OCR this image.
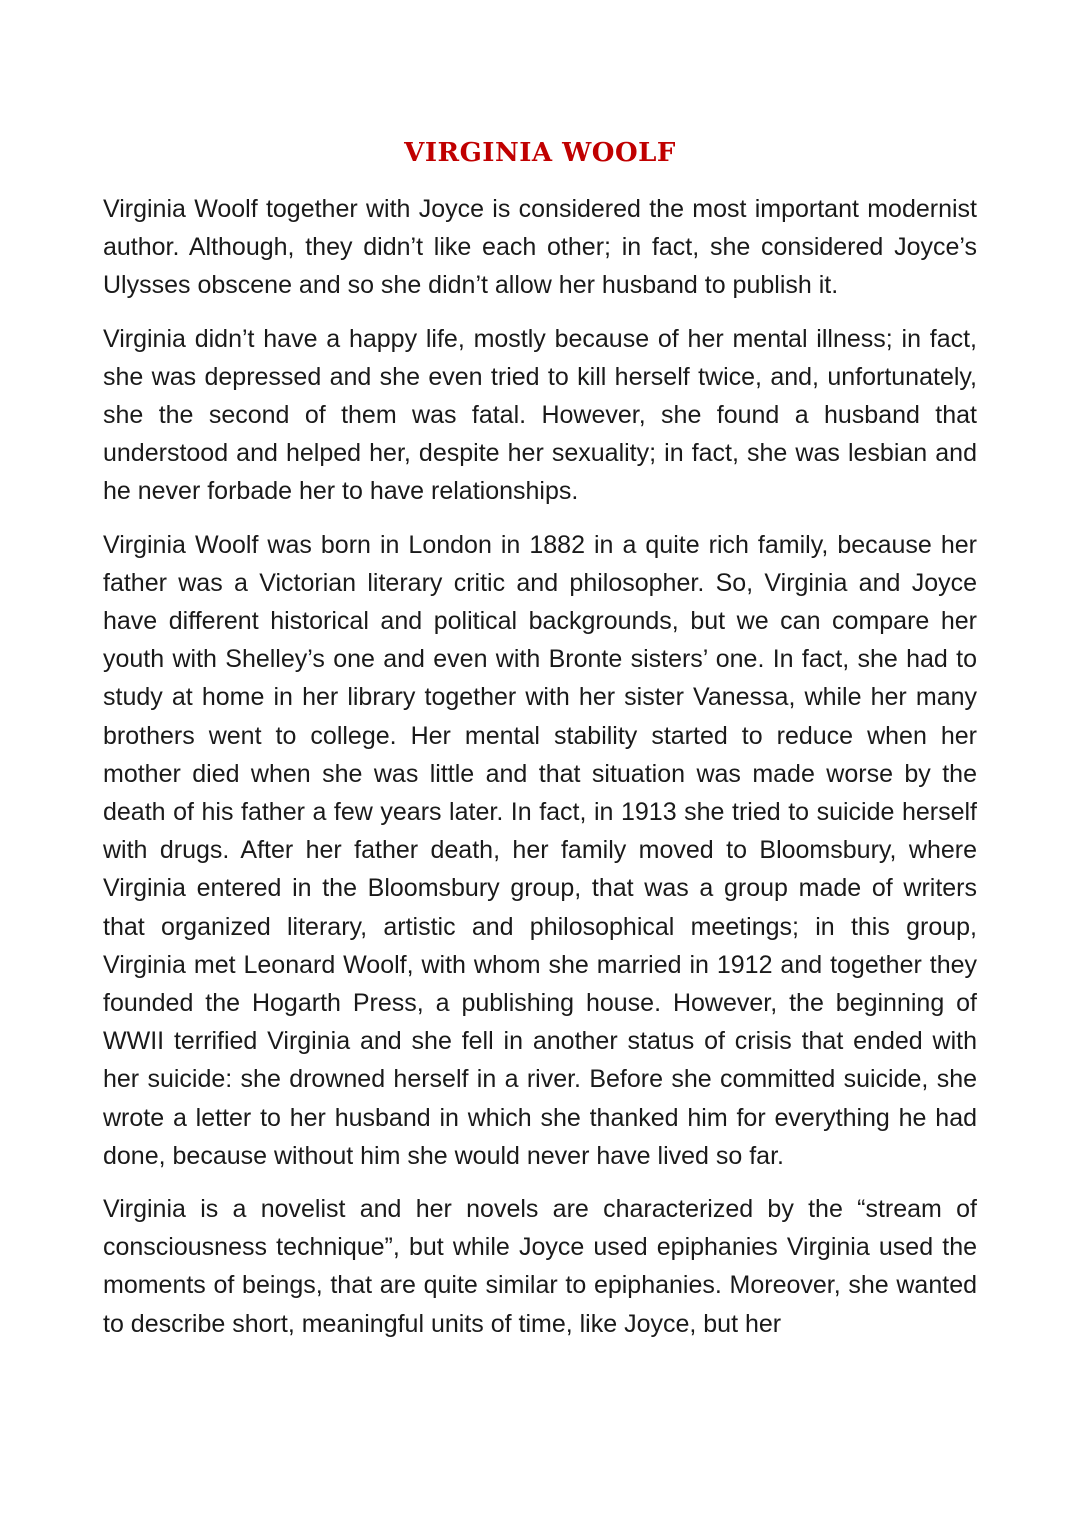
VIRGINIA WOOLF

Virginia Woolf together with Joyce is considered the most important modernist author. Although, they didn’t like each other; in fact, she considered Joyce’s Ulysses obscene and so she didn’t allow her husband to publish it.

Virginia didn’t have a happy life, mostly because of her mental illness; in fact, she was depressed and she even tried to kill herself twice, and, unfortunately, she the second of them was fatal. However, she found a husband that understood and helped her, despite her sexuality; in fact, she was lesbian and he never forbade her to have relationships.

Virginia Woolf was born in London in 1882 in a quite rich family, because her father was a Victorian literary critic and philosopher. So, Virginia and Joyce have different historical and political backgrounds, but we can compare her youth with Shelley’s one and even with Bronte sisters’ one. In fact, she had to study at home in her library together with her sister Vanessa, while her many brothers went to college. Her mental stability started to reduce when her mother died when she was little and that situation was made worse by the death of his father a few years later. In fact, in 1913 she tried to suicide herself with drugs. After her father death, her family moved to Bloomsbury, where Virginia entered in the Bloomsbury group, that was a group made of writers that organized literary, artistic and philosophical meetings; in this group, Virginia met Leonard Woolf, with whom she married in 1912 and together they founded the Hogarth Press, a publishing house. However, the beginning of WWII terrified Virginia and she fell in another status of crisis that ended with her suicide: she drowned herself in a river. Before she committed suicide, she wrote a letter to her husband in which she thanked him for everything he had done, because without him she would never have lived so far.

Virginia is a novelist and her novels are characterized by the “stream of consciousness technique”, but while Joyce used epiphanies Virginia used the moments of beings, that are quite similar to epiphanies. Moreover, she wanted to describe short, meaningful units of time, like Joyce, but her
